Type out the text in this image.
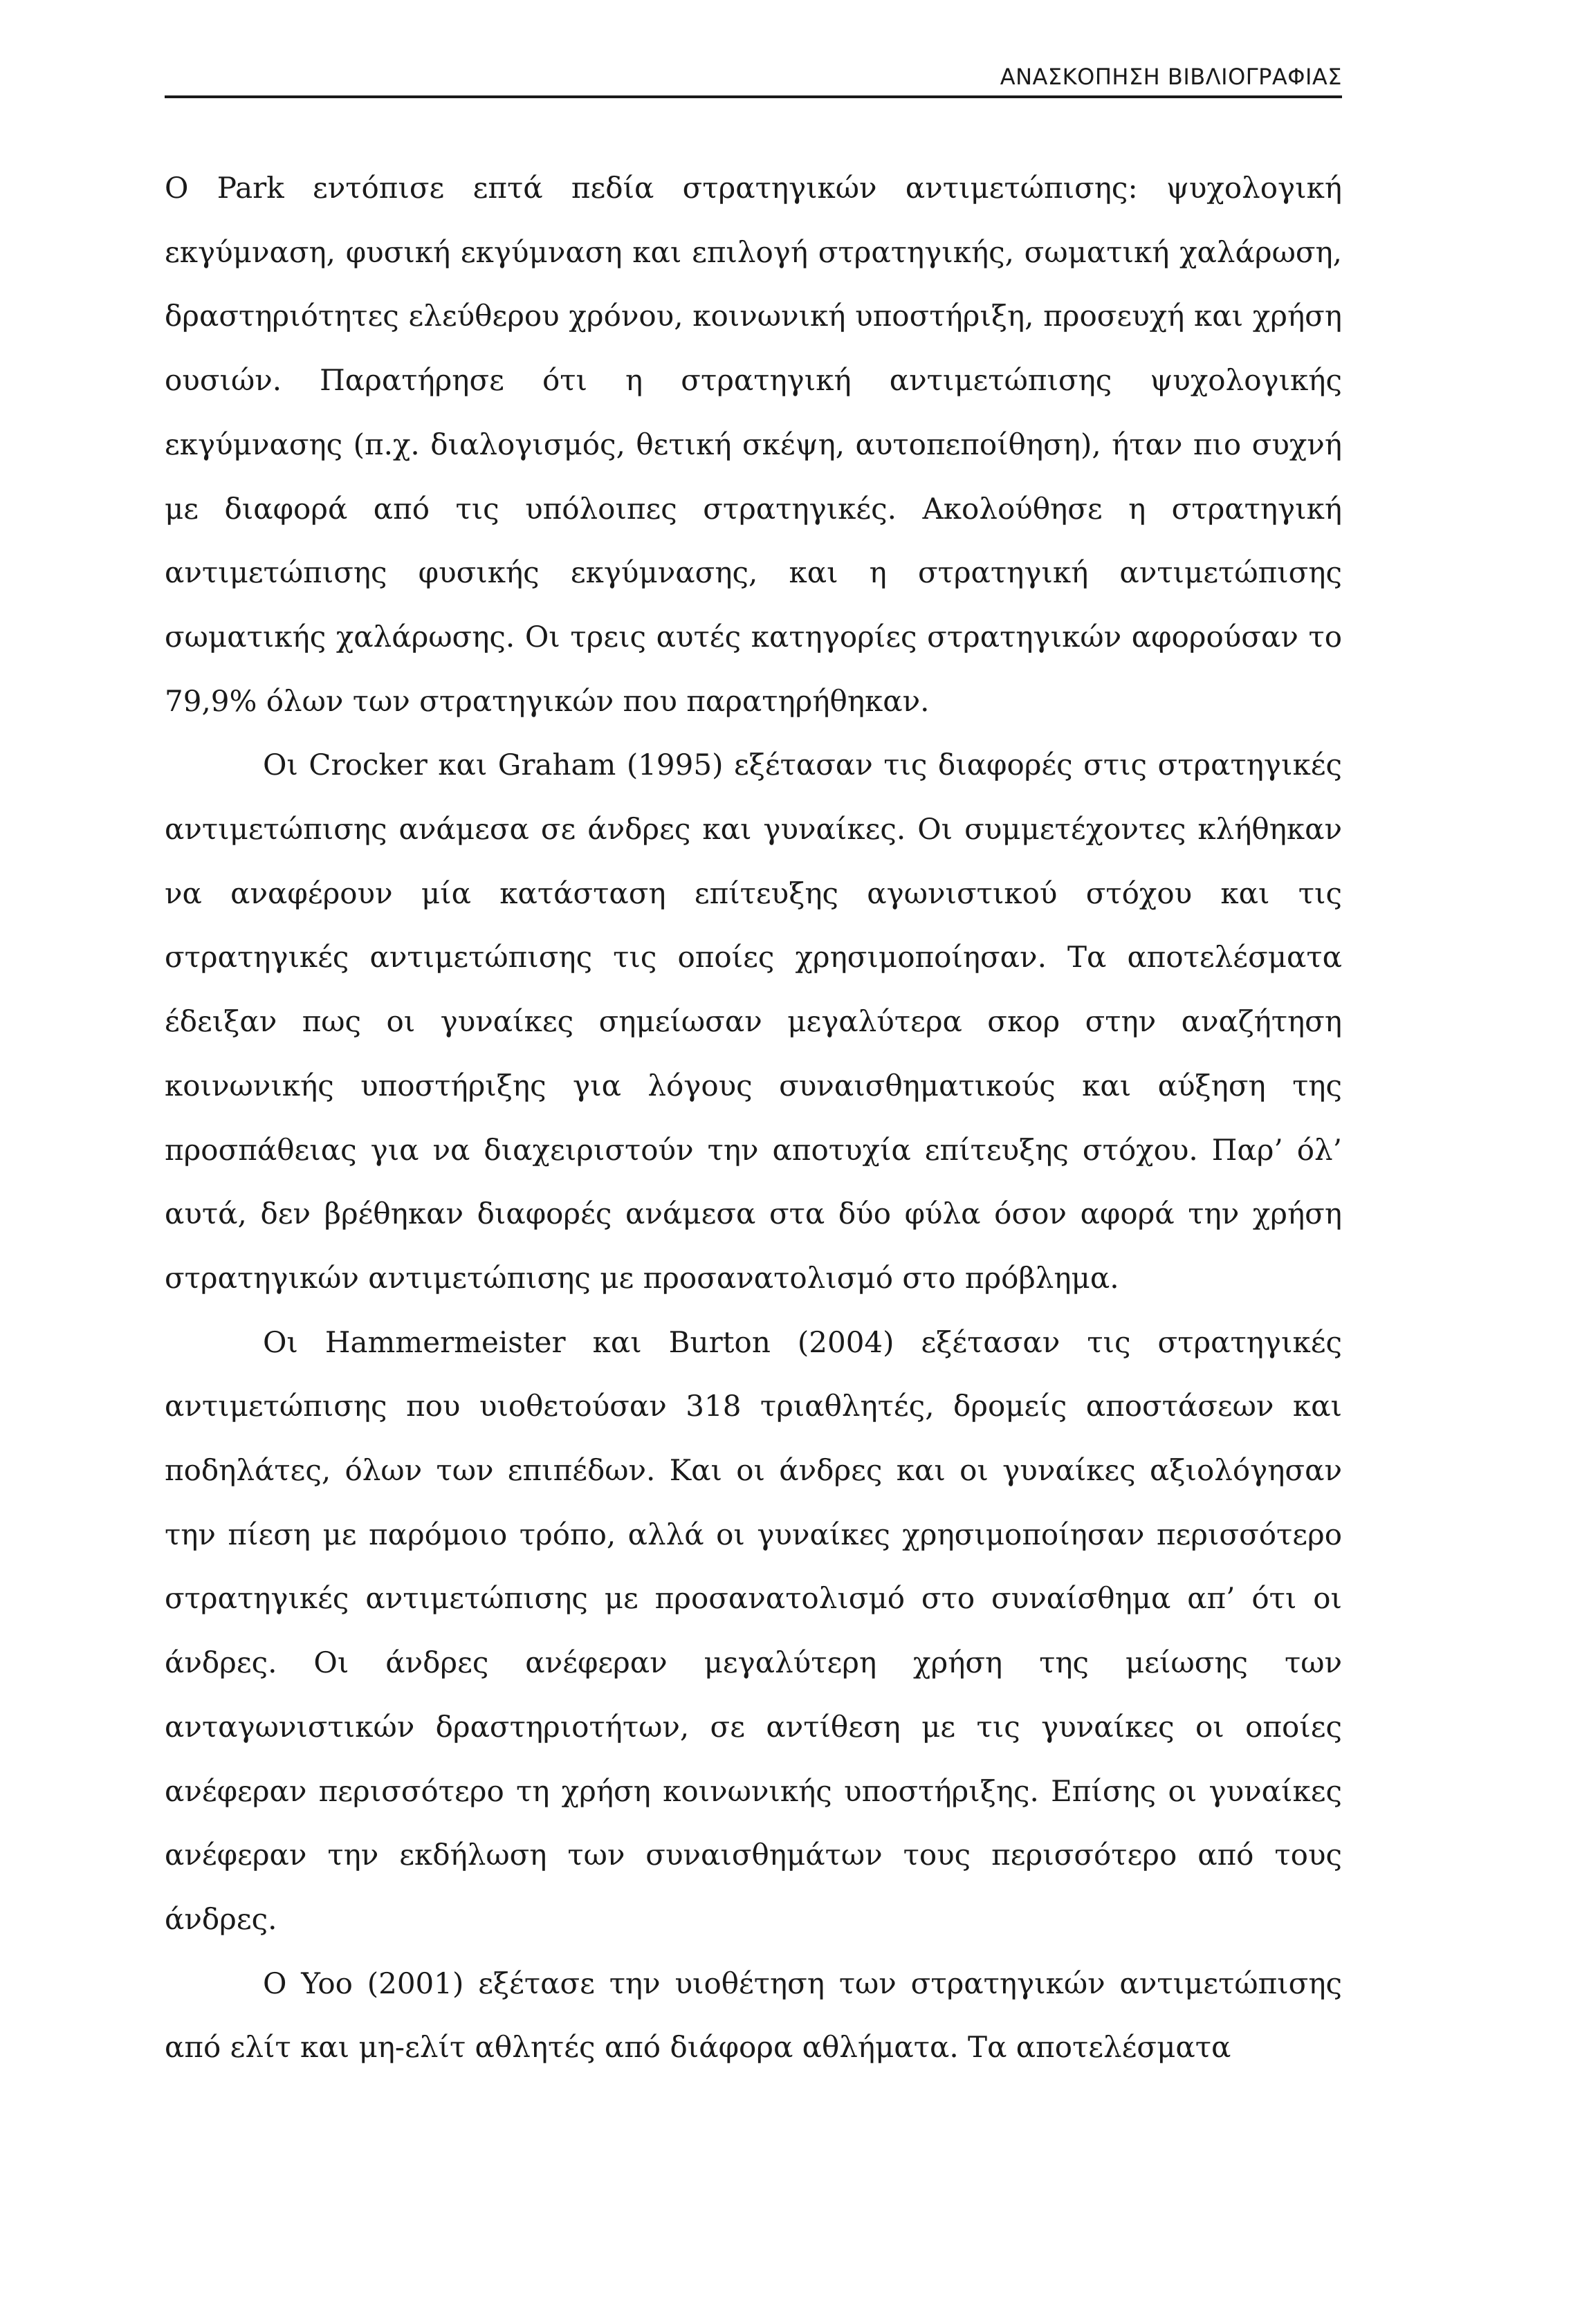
ΑΝΑΣΚΟΠΗΣΗ ΒΙΒΛΙΟΓΡΑΦΙΑΣ

Ο Park εντόπισε επτά πεδία στρατηγικών αντιμετώπισης: ψυχολογική εκγύμναση, φυσική εκγύμναση και επιλογή στρατηγικής, σωματική χαλάρωση, δραστηριότητες ελεύθερου χρόνου, κοινωνική υποστήριξη, προσευχή και χρήση ουσιών. Παρατήρησε ότι η στρατηγική αντιμετώπισης ψυχολογικής εκγύμνασης (π.χ. διαλογισμός, θετική σκέψη, αυτοπεποίθηση), ήταν πιο συχνή με διαφορά από τις υπόλοιπες στρατηγικές. Ακολούθησε η στρατηγική αντιμετώπισης φυσικής εκγύμνασης, και η στρατηγική αντιμετώπισης σωματικής χαλάρωσης. Οι τρεις αυτές κατηγορίες στρατηγικών αφορούσαν το 79,9% όλων των στρατηγικών που παρατηρήθηκαν.

Οι Crocker και Graham (1995) εξέτασαν τις διαφορές στις στρατηγικές αντιμετώπισης ανάμεσα σε άνδρες και γυναίκες. Οι συμμετέχοντες κλήθηκαν να αναφέρουν μία κατάσταση επίτευξης αγωνιστικού στόχου και τις στρατηγικές αντιμετώπισης τις οποίες χρησιμοποίησαν. Τα αποτελέσματα έδειξαν πως οι γυναίκες σημείωσαν μεγαλύτερα σκορ στην αναζήτηση κοινωνικής υποστήριξης για λόγους συναισθηματικούς και αύξηση της προσπάθειας για να διαχειριστούν την αποτυχία επίτευξης στόχου. Παρ’ όλ’ αυτά, δεν βρέθηκαν διαφορές ανάμεσα στα δύο φύλα όσον αφορά την χρήση στρατηγικών αντιμετώπισης με προσανατολισμό στο πρόβλημα.

Οι Hammermeister και Burton (2004) εξέτασαν τις στρατηγικές αντιμετώπισης που υιοθετούσαν 318 τριαθλητές, δρομείς αποστάσεων και ποδηλάτες, όλων των επιπέδων. Και οι άνδρες και οι γυναίκες αξιολόγησαν την πίεση με παρόμοιο τρόπο, αλλά οι γυναίκες χρησιμοποίησαν περισσότερο στρατηγικές αντιμετώπισης με προσανατολισμό στο συναίσθημα απ’ ότι οι άνδρες. Οι άνδρες ανέφεραν μεγαλύτερη χρήση της μείωσης των ανταγωνιστικών δραστηριοτήτων, σε αντίθεση με τις γυναίκες οι οποίες ανέφεραν περισσότερο τη χρήση κοινωνικής υποστήριξης. Επίσης οι γυναίκες ανέφεραν την εκδήλωση των συναισθημάτων τους περισσότερο από τους άνδρες.

Ο Yoo (2001) εξέτασε την υιοθέτηση των στρατηγικών αντιμετώπισης από ελίτ και μη-ελίτ αθλητές από διάφορα αθλήματα. Τα αποτελέσματα
